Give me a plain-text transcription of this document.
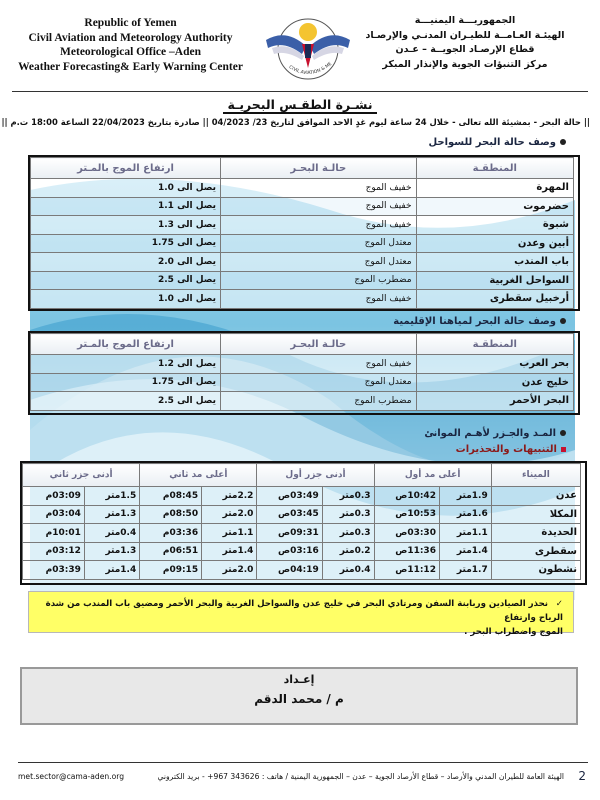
Republic of Yemen
Civil Aviation and Meteorology Authority
Meteorological Office –Aden
Weather Forecasting& Early Warning Center	CIVIL AVIATION & ME
الجمهوريـــة اليمنيـــة
الهيئـة العـامــة للطيـران المدنـي والإرصـاد
قطاع الإرصـاد الجويــة – عـدن
مركز التنبؤات الجوية والإنذار المبكر
نشـرة الطقـس البحريـة
|| حالة البحر - بمشيئة الله تعالى - خلال 24 ساعة ليوم غدٍ الاحد الموافق لتاريخ 23/ 04/2023 || صادرة بتاريخ 22/04/2023 الساعة 18:00 ت.م ||
وصف حالة البحر للسواحل
المنطقـة	حالـة البحـر	ارتفاع الموج بالمـتر
المهرة	خفيف الموج	يصل الى 1.0
حضرموت	خفيف الموج	يصل الى 1.1
شبوة	خفيف الموج	يصل الى 1.3
أبين وعدن	معتدل الموج	يصل الى 1.75
باب المندب	معتدل الموج	يصل الى 2.0
السواحل الغربية	مضطرب الموج	يصل الى 2.5
أرخبيل سقطرى	خفيف الموج	يصل الى 1.0
وصف حالة البحر لمياهنا الإقليمية
المنطقـة	حالـة البحـر	ارتفاع الموج بالمـتر
بحر العرب	خفيف الموج	يصل الى 1.2
خليج عدن	معتدل الموج	يصل الى 1.75
البحر الأحمر	مضطرب الموج	يصل الى 2.5
المـد والجـزر لأهـم الموانئ
التنبيهات والتحذيرات
الميناء	أعلى مد أول		أدنى جزر أول		أعلى مد ثاني		أدنى جزر ثاني	
عدن	1.9متر	10:42ص	0.3متر	03:49ص	2.2متر	08:45م	1.5متر	03:09م
المكلا	1.6متر	10:53ص	0.3متر	03:45ص	2.0متر	08:50م	1.3متر	03:04م
الحديدة	1.1متر	03:30ص	0.3متر	09:31ص	1.1متر	03:36م	0.4متر	10:01م
سقطرى	1.4متر	11:36ص	0.2متر	03:16ص	1.4متر	06:51م	1.3متر	03:12م
نشطون	1.7متر	11:12ص	0.4متر	04:19ص	2.0متر	09:15م	1.4متر	03:39م
✓ نحذر الصيادين وربابنة السفن ومرتادي البحر في خليج عدن والسواحل الغربية والبحر الأحمر ومضيق باب المندب من شدة الرياح وارتفاع
الموج واضطراب البحر .
إعـداد
م / محمد الدقم
2
الهيئة العامة للطيران المدني والأرصاد – قطاع الأرصاد الجوية – عدن – الجمهورية اليمنية / هاتف : 343626 967+ - بريد الكتروني
met.sector@cama-aden.org
